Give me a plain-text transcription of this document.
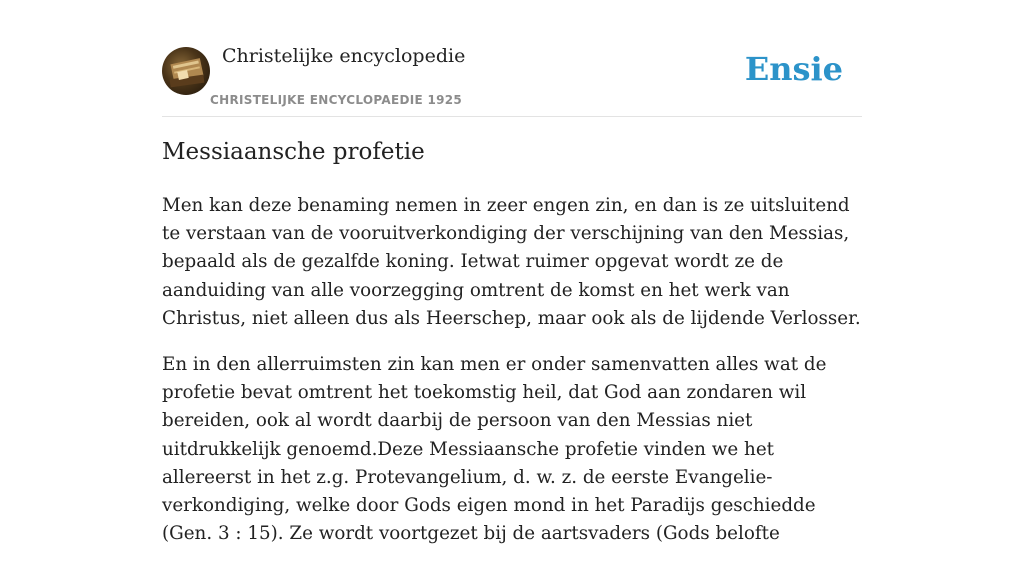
Christelijke encyclopedie
CHRISTELIJKE ENCYCLOPAEDIE 1925
Ensie
Messiaansche profetie

Men kan deze benaming nemen in zeer engen zin, en dan is ze uitsluitend te verstaan van de vooruitverkondiging der verschijning van den Messias, bepaald als de gezalfde koning. Ietwat ruimer opgevat wordt ze de aanduiding van alle voorzegging omtrent de komst en het werk van Christus, niet alleen dus als Heerschep, maar ook als de lijdende Verlosser.

En in den allerruimsten zin kan men er onder samenvatten alles wat de profetie bevat omtrent het toekomstig heil, dat God aan zondaren wil bereiden, ook al wordt daarbij de persoon van den Messias niet uitdrukkelijk genoemd.Deze Messiaansche profetie vinden we het allereerst in het z.g. Protevangelium, d. w. z. de eerste Evangelie-verkondiging, welke door Gods eigen mond in het Paradijs geschiedde (Gen. 3 : 15). Ze wordt voortgezet bij de aartsvaders (Gods belofte
